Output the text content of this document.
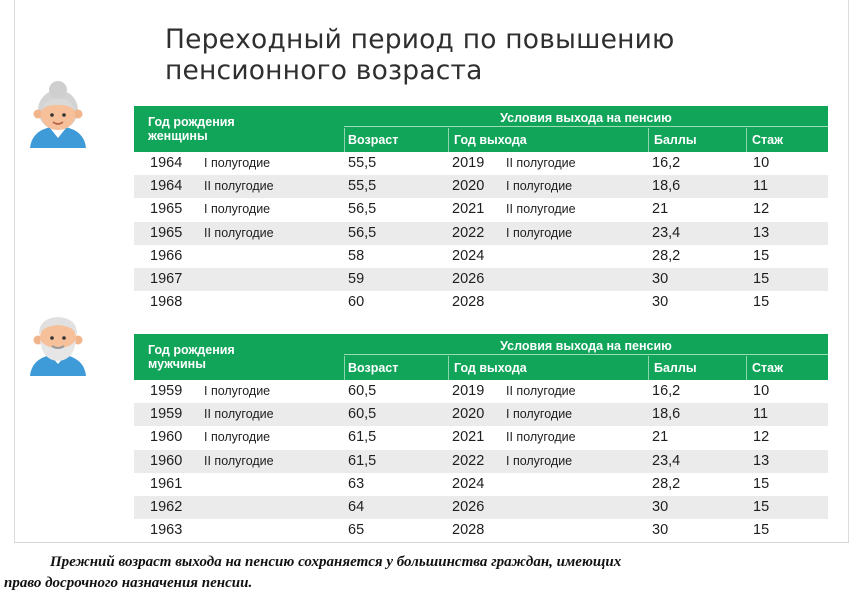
Переходный период по повышению
пенсионного возраста
Год рождения
женщины
Условия выхода на пенсию
Возраст	Год выхода	Баллы	Стаж
1964 I полугодие	55,5	2019 II полугодие	16,2	10
1964 II полугодие	55,5	2020 I полугодие	18,6	11
1965 I полугодие	56,5	2021 II полугодие	21	12
1965 II полугодие	56,5	2022 I полугодие	23,4	13
1966	58	2024	28,2	15
1967	59	2026	30	15
1968	60	2028	30	15
Год рождения
мужчины
Условия выхода на пенсию
Возраст	Год выхода	Баллы	Стаж
1959 I полугодие	60,5	2019 II полугодие	16,2	10
1959 II полугодие	60,5	2020 I полугодие	18,6	11
1960 I полугодие	61,5	2021 II полугодие	21	12
1960 II полугодие	61,5	2022 I полугодие	23,4	13
1961	63	2024	28,2	15
1962	64	2026	30	15
1963	65	2028	30	15
Прежний возраст выхода на пенсию сохраняется у большинства граждан, имеющих
право досрочного назначения пенсии.
